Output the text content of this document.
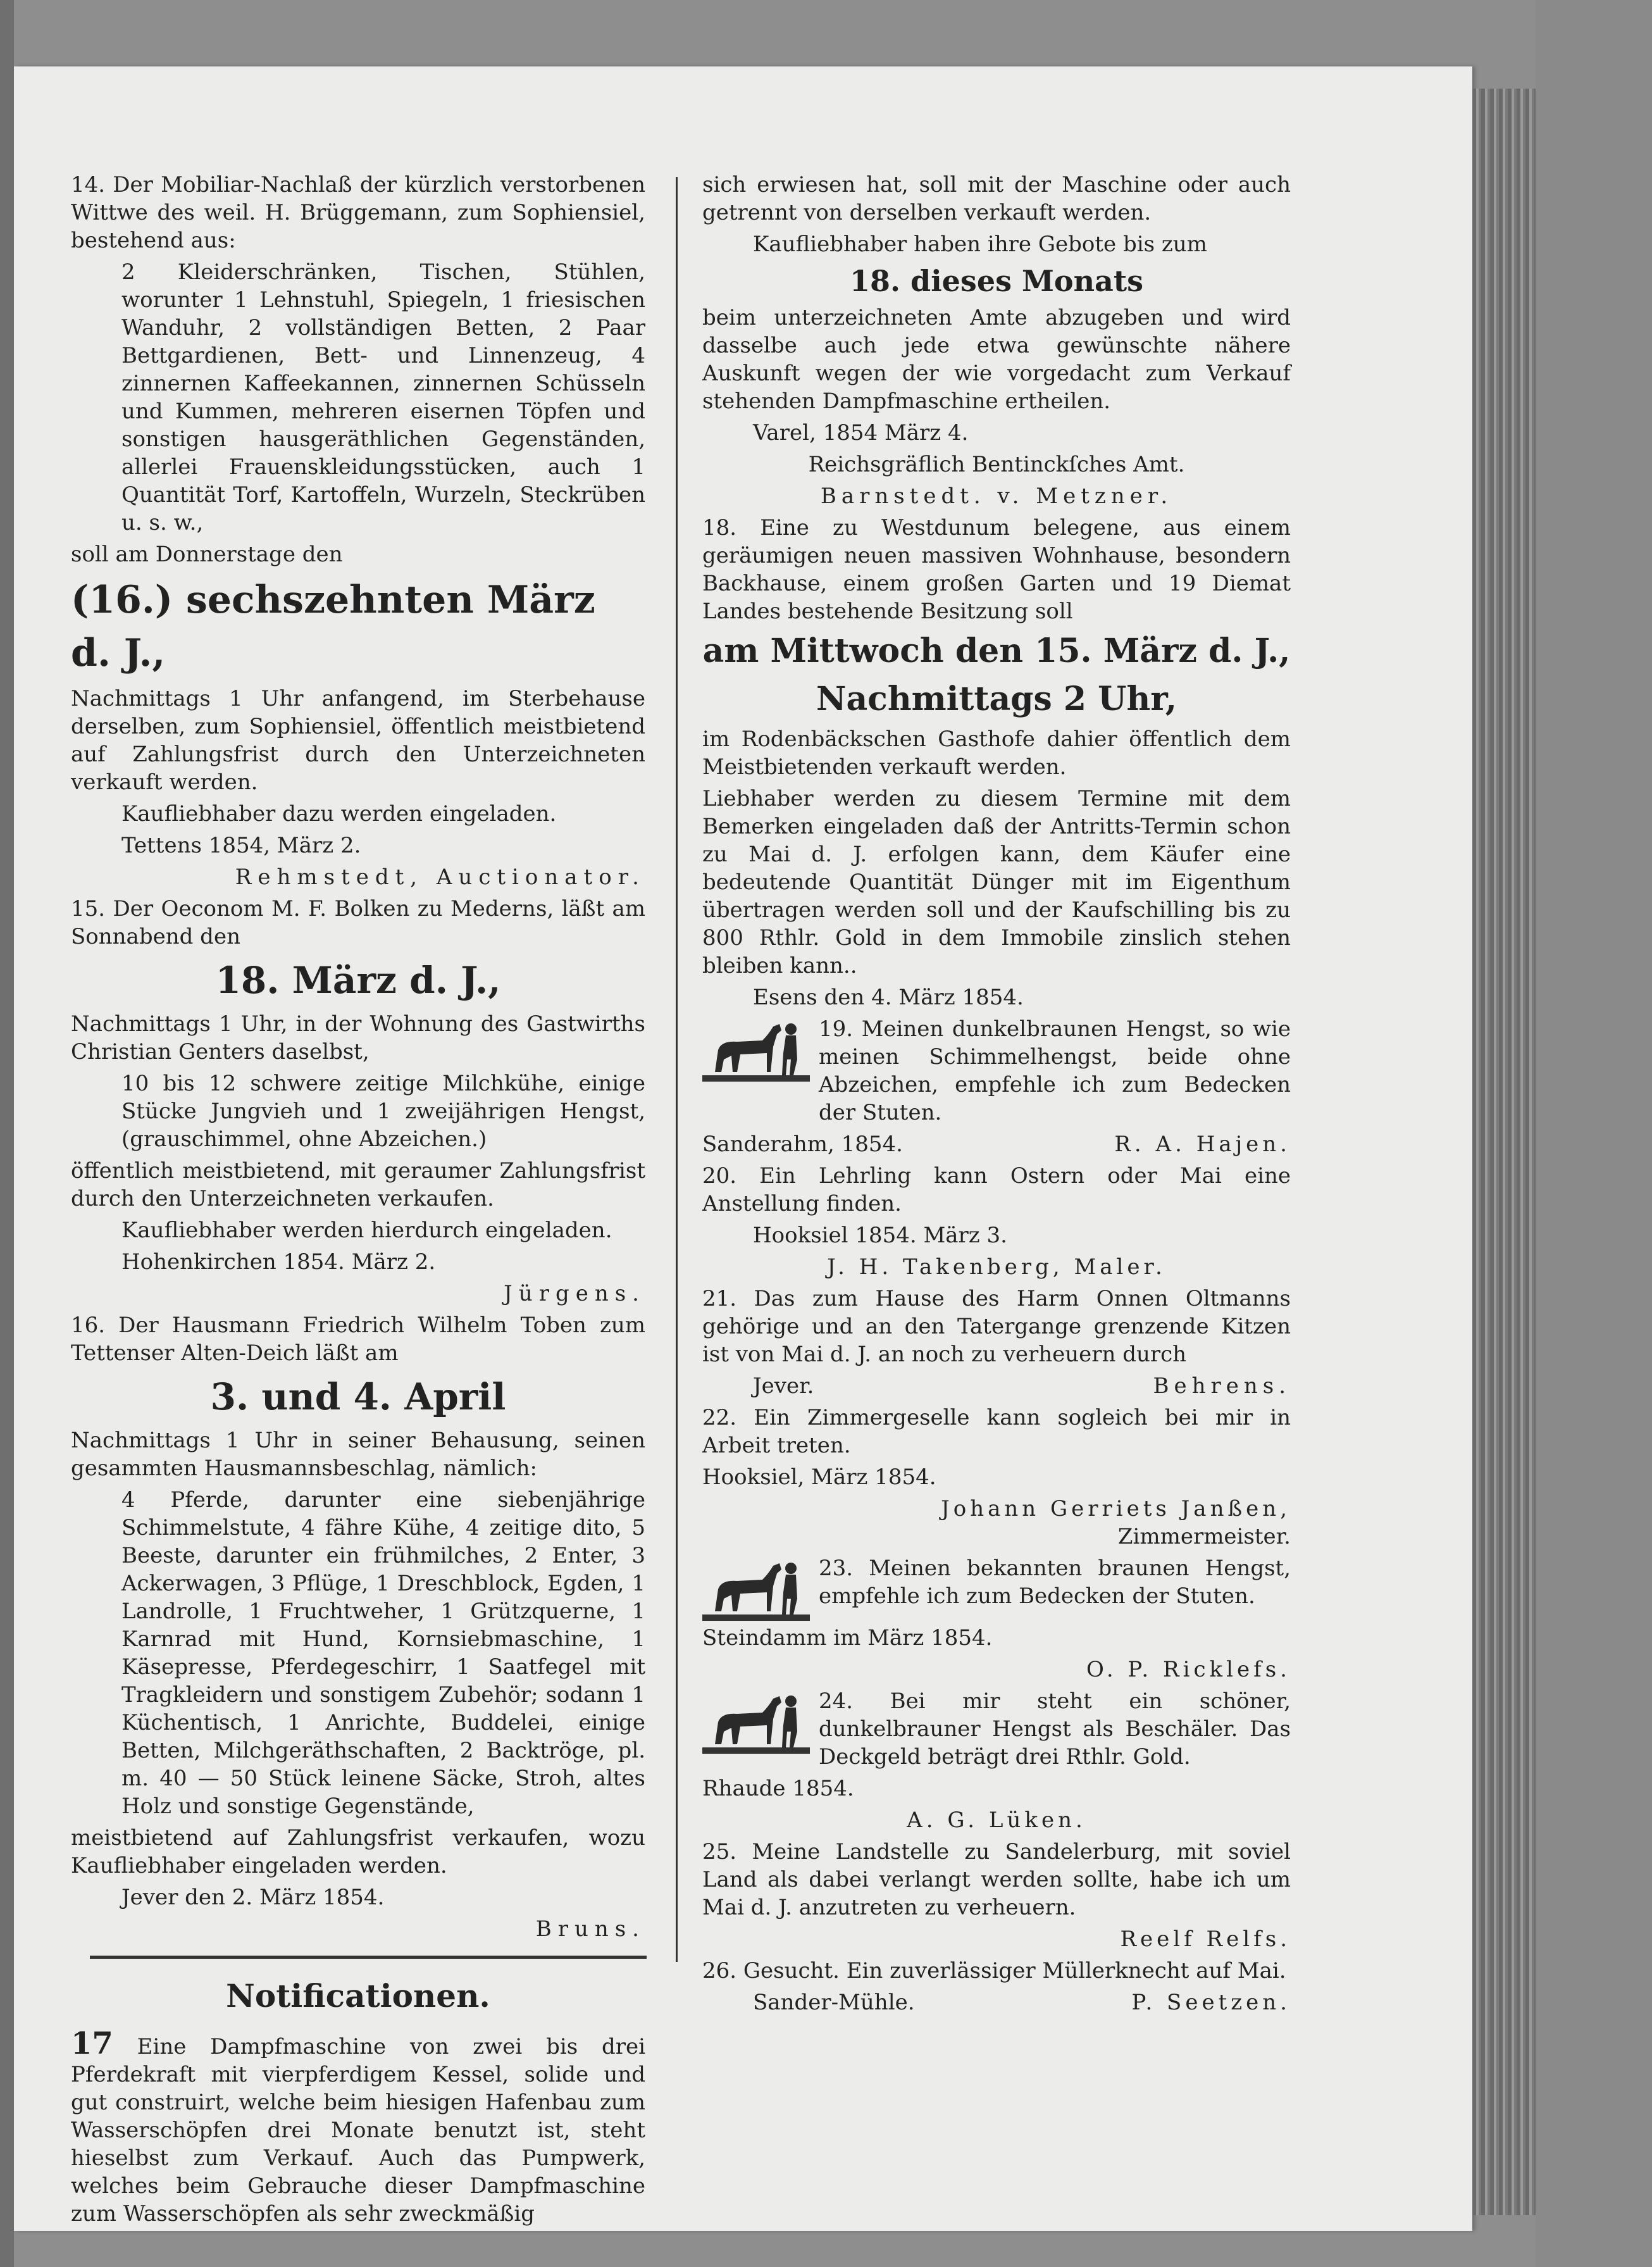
14. Der Mobiliar-Nachlaß der kürzlich verstorbenen Wittwe des weil. H. Brüggemann, zum Sophiensiel, bestehend aus:

2 Kleiderschränken, Tischen, Stühlen, worunter 1 Lehnstuhl, Spiegeln, 1 friesischen Wanduhr, 2 vollständigen Betten, 2 Paar Bettgardienen, Bett- und Linnenzeug, 4 zinnernen Kaffeekannen, zinnernen Schüsseln und Kummen, mehreren eisernen Töpfen und sonstigen hausgeräthlichen Gegenständen, allerlei Frauenskleidungsstücken, auch 1 Quantität Torf, Kartoffeln, Wurzeln, Steckrüben u. s. w.,

soll am Donnerstage den

(16.) sechszehnten März d. J.,

Nachmittags 1 Uhr anfangend, im Sterbehause derselben, zum Sophiensiel, öffentlich meistbietend auf Zahlungsfrist durch den Unterzeichneten verkauft werden.

Kaufliebhaber dazu werden eingeladen.

Tettens 1854, März 2.

Rehmstedt, Auctionator.

15. Der Oeconom M. F. Bolken zu Mederns, läßt am Sonnabend den

18. März d. J.,

Nachmittags 1 Uhr, in der Wohnung des Gastwirths Christian Genters daselbst,

10 bis 12 schwere zeitige Milchkühe, einige Stücke Jungvieh und 1 zweijährigen Hengst, (grauschimmel, ohne Abzeichen.)

öffentlich meistbietend, mit geraumer Zahlungsfrist durch den Unterzeichneten verkaufen.

Kaufliebhaber werden hierdurch eingeladen.

Hohenkirchen 1854. März 2.

Jürgens.

16. Der Hausmann Friedrich Wilhelm Toben zum Tettenser Alten-Deich läßt am

3. und 4. April

Nachmittags 1 Uhr in seiner Behausung, seinen gesammten Hausmannsbeschlag, nämlich:

4 Pferde, darunter eine siebenjährige Schimmelstute, 4 fähre Kühe, 4 zeitige dito, 5 Beeste, darunter ein frühmilches, 2 Enter, 3 Ackerwagen, 3 Pflüge, 1 Dreschblock, Egden, 1 Landrolle, 1 Fruchtweher, 1 Grützquerne, 1 Karnrad mit Hund, Kornsiebmaschine, 1 Käsepresse, Pferdegeschirr, 1 Saatfegel mit Tragkleidern und sonstigem Zubehör; sodann 1 Küchentisch, 1 Anrichte, Buddelei, einige Betten, Milchgeräthschaften, 2 Backtröge, pl. m. 40 — 50 Stück leinene Säcke, Stroh, altes Holz und sonstige Gegenstände,

meistbietend auf Zahlungsfrist verkaufen, wozu Kaufliebhaber eingeladen werden.

Jever den 2. März 1854.

Bruns.

Notificationen.

17 Eine Dampfmaschine von zwei bis drei Pferdekraft mit vierpferdigem Kessel, solide und gut construirt, welche beim hiesigen Hafenbau zum Wasserschöpfen drei Monate benutzt ist, steht hieselbst zum Verkauf. Auch das Pumpwerk, welches beim Gebrauche dieser Dampfmaschine zum Wasserschöpfen als sehr zweckmäßig

sich erwiesen hat, soll mit der Maschine oder auch getrennt von derselben verkauft werden.

Kaufliebhaber haben ihre Gebote bis zum

18. dieses Monats

beim unterzeichneten Amte abzugeben und wird dasselbe auch jede etwa gewünschte nähere Auskunft wegen der wie vorgedacht zum Verkauf stehenden Dampfmaschine ertheilen.

Varel, 1854 März 4.

Reichsgräflich Bentinckſches Amt.

Barnstedt. v. Metzner.

18. Eine zu Westdunum belegene, aus einem geräumigen neuen massiven Wohnhause, besondern Backhause, einem großen Garten und 19 Diemat Landes bestehende Besitzung soll

am Mittwoch den 15. März d. J.,

Nachmittags 2 Uhr,

im Rodenbäckschen Gasthofe dahier öffentlich dem Meistbietenden verkauft werden.

Liebhaber werden zu diesem Termine mit dem Bemerken eingeladen daß der Antritts-Termin schon zu Mai d. J. erfolgen kann, dem Käufer eine bedeutende Quantität Dünger mit im Eigenthum übertragen werden soll und der Kaufschilling bis zu 800 Rthlr. Gold in dem Immobile zinslich stehen bleiben kann..

Esens den 4. März 1854.

19. Meinen dunkelbraunen Hengst, so wie meinen Schimmelhengst, beide ohne Abzeichen, empfehle ich zum Bedecken der Stuten.

Sanderahm, 1854.	R. A. Hajen.

20. Ein Lehrling kann Ostern oder Mai eine Anstellung finden.

Hooksiel 1854. März 3.

J. H. Takenberg, Maler.

21. Das zum Hause des Harm Onnen Oltmanns gehörige und an den Tatergange grenzende Kitzen ist von Mai d. J. an noch zu verheuern durch

Jever.	Behrens.

22. Ein Zimmergeselle kann sogleich bei mir in Arbeit treten.

Hooksiel, März 1854.

Johann Gerriets Janßen,

Zimmermeister.

23. Meinen bekannten braunen Hengst, empfehle ich zum Bedecken der Stuten.

Steindamm im März 1854.

O. P. Ricklefs.

24. Bei mir steht ein schöner, dunkelbrauner Hengst als Beschäler. Das Deckgeld beträgt drei Rthlr. Gold.

Rhaude 1854.

A. G. Lüken.

25. Meine Landstelle zu Sandelerburg, mit soviel Land als dabei verlangt werden sollte, habe ich um Mai d. J. anzutreten zu verheuern.

Reelf Relfs.

26. Gesucht. Ein zuverlässiger Müllerknecht auf Mai.

Sander-Mühle.	P. Seetzen.
